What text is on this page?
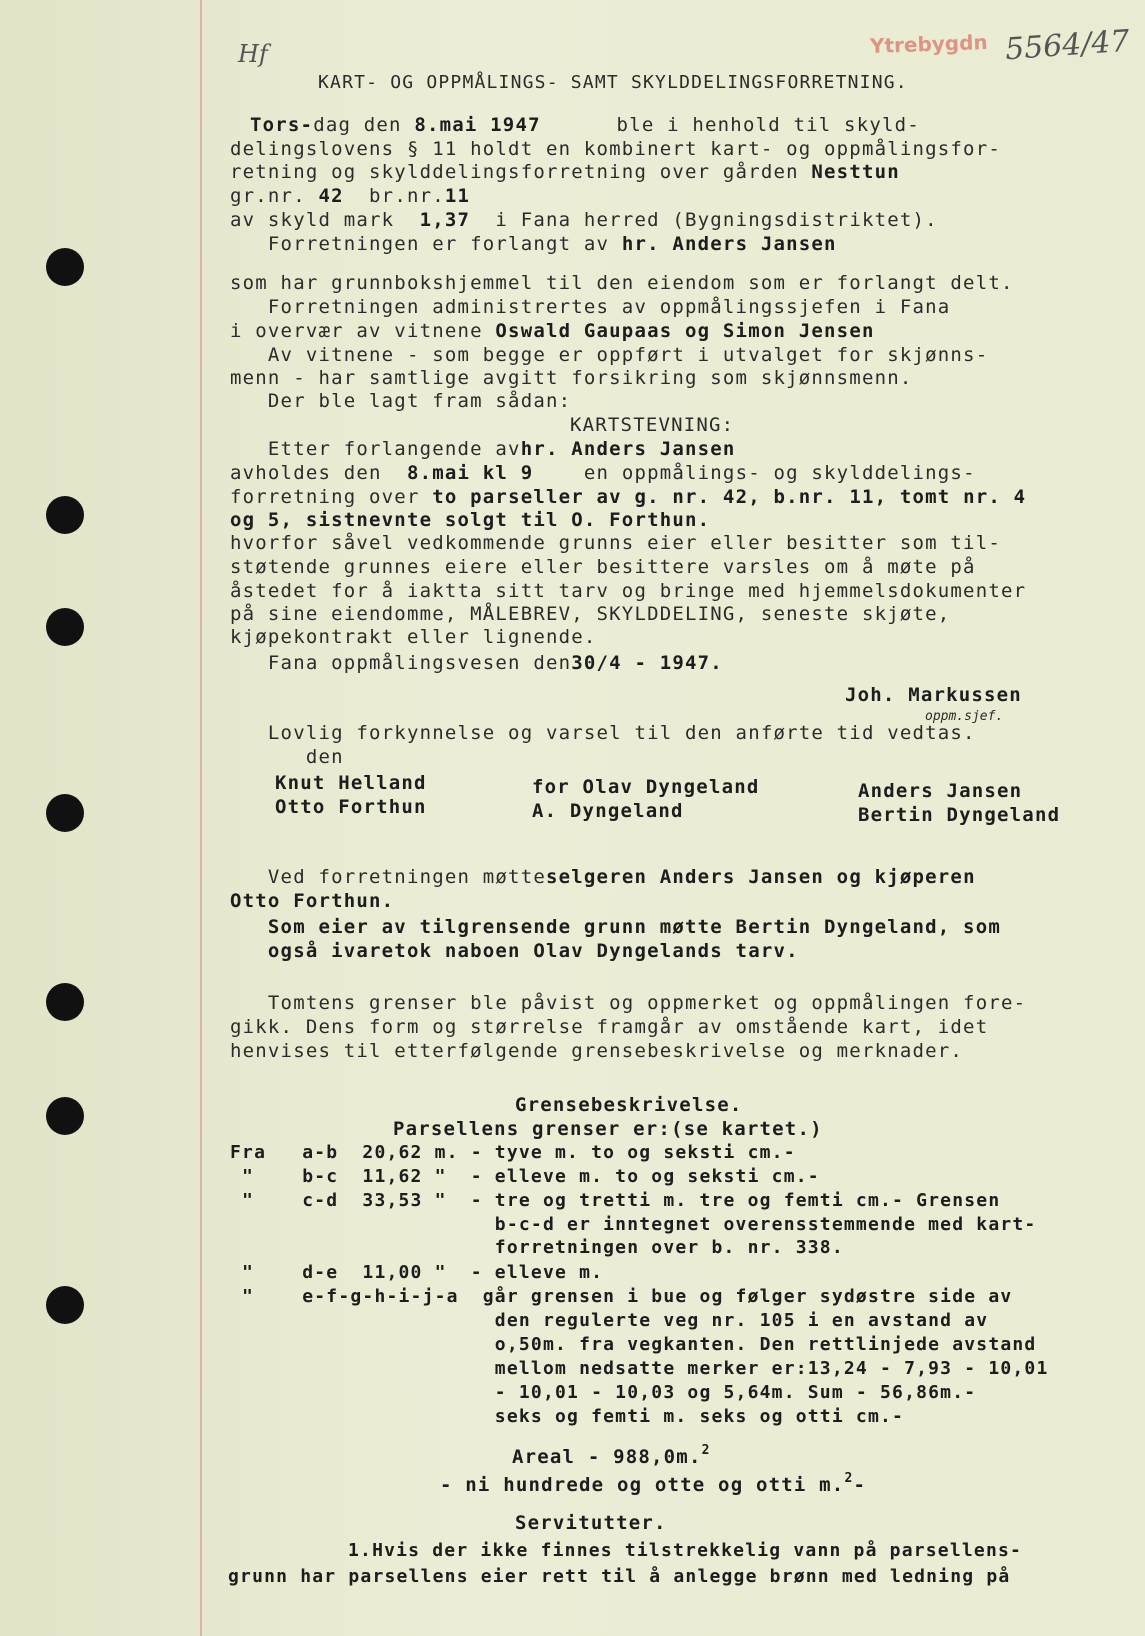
Hf	Ytrebygdn 5564/47
KART- OG OPPMÅLINGS- SAMT SKYLDDELINGSFORRETNING.
Tors-dag den 8.mai 1947      ble i henhold til skyld-
delingslovens § 11 holdt en kombinert kart- og oppmålingsfor-
retning og skylddelingsforretning over gården Nesttun
gr.nr. 42  br.nr.11
av skyld mark  1,37  i Fana herred (Bygningsdistriktet).
Forretningen er forlangt av hr. Anders Jansen
som har grunnbokshjemmel til den eiendom som er forlangt delt.
Forretningen administrertes av oppmålingssjefen i Fana
i overvær av vitnene Oswald Gaupaas og Simon Jensen
Av vitnene - som begge er oppført i utvalget for skjønns-
menn - har samtlige avgitt forsikring som skjønnsmenn.
Der ble lagt fram sådan:
KARTSTEVNING:
Etter forlangende avhr. Anders Jansen
avholdes den  8.mai kl 9    en oppmålings- og skylddelings-
forretning over to parseller av g. nr. 42, b.nr. 11, tomt nr. 4
og 5, sistnevnte solgt til O. Forthun.
hvorfor såvel vedkommende grunns eier eller besitter som til-
støtende grunnes eiere eller besittere varsles om å møte på
åstedet for å iaktta sitt tarv og bringe med hjemmelsdokumenter
på sine eiendomme, MÅLEBREV, SKYLDDELING, seneste skjøte,
kjøpekontrakt eller lignende.
Fana oppmålingsvesen den30/4 - 1947.
Joh. Markussen
oppm.sjef.
Lovlig forkynnelse og varsel til den anførte tid vedtas.
den
Knut Helland
Otto Forthun
for Olav Dyngeland
A. Dyngeland
Anders Jansen
Bertin Dyngeland
Ved forretningen møtteselgeren Anders Jansen og kjøperen
Otto Forthun.
Som eier av tilgrensende grunn møtte Bertin Dyngeland, som
også ivaretok naboen Olav Dyngelands tarv.
Tomtens grenser ble påvist og oppmerket og oppmålingen fore-
gikk. Dens form og størrelse framgår av omstående kart, idet
henvises til etterfølgende grensebeskrivelse og merknader.
Grensebeskrivelse.
Parsellens grenser er:(se kartet.)
Fra   a-b  20,62 m. - tyve m. to og seksti cm.-
"    b-c  11,62 "  - elleve m. to og seksti cm.-
"    c-d  33,53 "  - tre og tretti m. tre og femti cm.- Grensen
b-c-d er inntegnet overensstemmende med kart-
forretningen over b. nr. 338.
"    d-e  11,00 "  - elleve m.
"    e-f-g-h-i-j-a  går grensen i bue og følger sydøstre side av
den regulerte veg nr. 105 i en avstand av
o,50m. fra vegkanten. Den rettlinjede avstand
mellom nedsatte merker er:13,24 - 7,93 - 10,01
- 10,01 - 10,03 og 5,64m. Sum - 56,86m.-
seks og femti m. seks og otti cm.-
Areal - 988,0m.$^2$
- ni hundrede og otte og otti m.$^2$-
Servitutter.
1.Hvis der ikke finnes tilstrekkelig vann på parsellens-
grunn har parsellens eier rett til å anlegge brønn med ledning på
